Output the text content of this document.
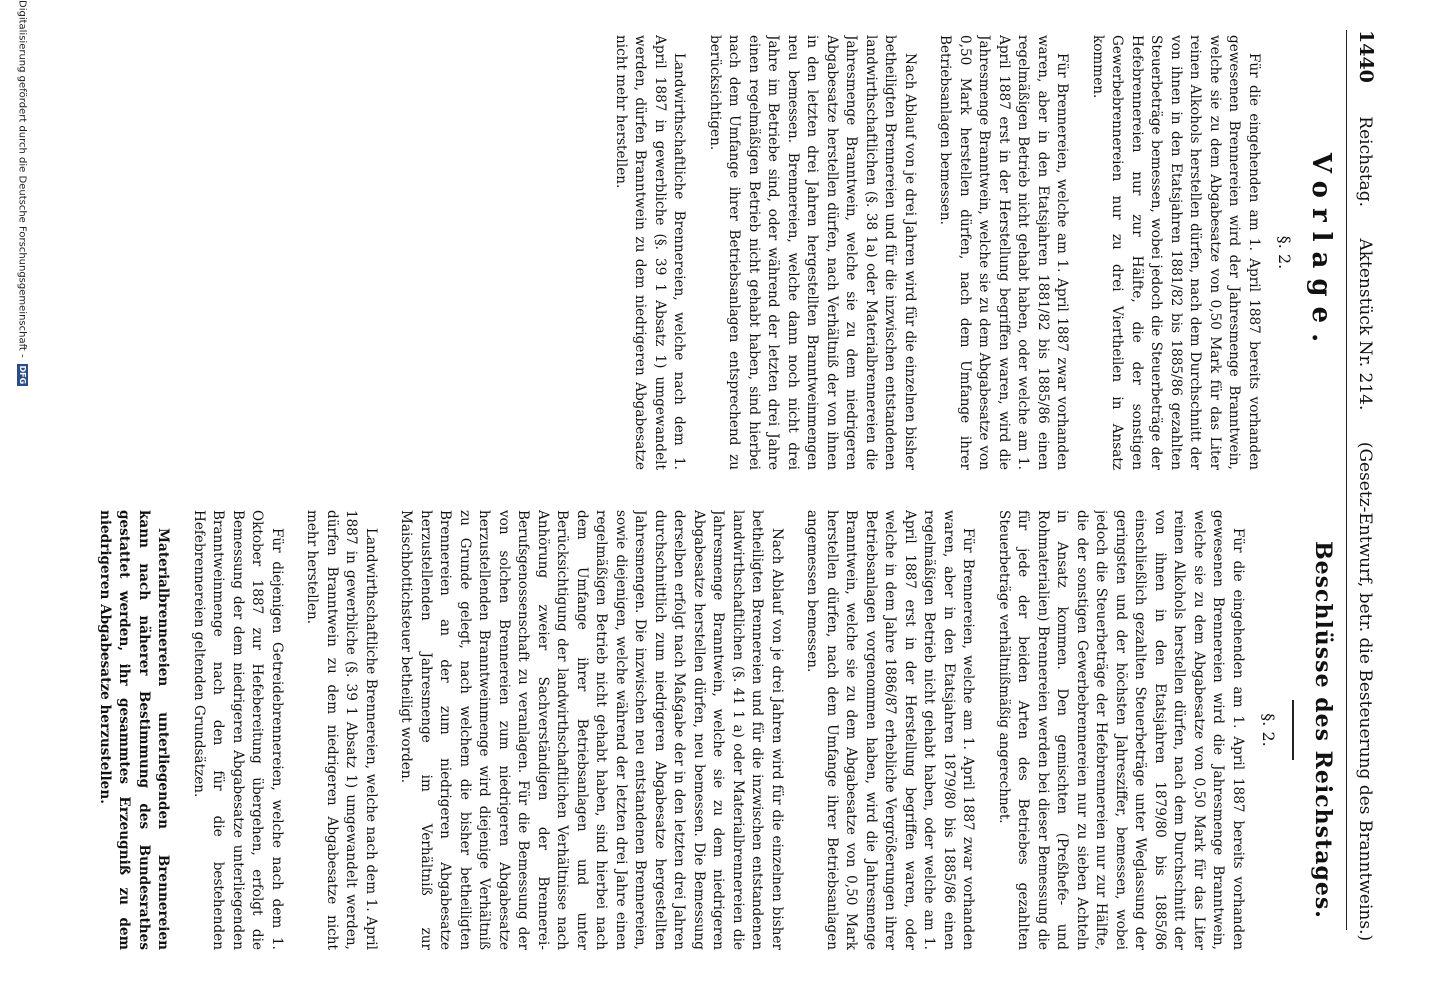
1440 Reichstag. Aktenstück Nr. 214. (Gesetz-Entwurf, betr. die Besteuerung des Branntweins.)
Vorlage.
§. 2.

Für die eingehenden am 1. April 1887 bereits vorhanden gewesenen Brennereien wird der Jahresmenge Branntwein, welche sie zu dem Abgabesatze von 0,50 Mark für das Liter reinen Alkohols herstellen dürfen, nach dem Durchschnitt der von ihnen in den Etatsjahren 1881/82 bis 1885/86 gezahlten Steuerbeträge bemessen, wobei jedoch die Steuerbeträge der Hefebrennereien nur zur Hälfte, die der sonstigen Gewerbebrennereien nur zu drei Viertheilen in Ansatz kommen.

Für Brennereien, welche am 1. April 1887 zwar vorhanden waren, aber in den Etatsjahren 1881/82 bis 1885/86 einen regelmäßigen Betrieb nicht gehabt haben, oder welche am 1. April 1887 erst in der Herstellung begriffen waren, wird die Jahresmenge Branntwein, welche sie zu dem Abgabesatze von 0,50 Mark herstellen dürfen, nach dem Umfange ihrer Betriebsanlagen bemessen.

Nach Ablauf von je drei Jahren wird für die einzelnen bisher betheiligten Brennereien und für die inzwischen entstandenen landwirthschaftlichen (§. 38 1a) oder Materialbrennereien die Jahresmenge Branntwein, welche sie zu dem niedrigeren Abgabesatze herstellen dürfen, nach Verhältniß der von ihnen in den letzten drei Jahren hergestellten Branntweinmengen neu bemessen. Brennereien, welche dann noch nicht drei Jahre im Betriebe sind, oder während der letzten drei Jahre einen regelmäßigen Betrieb nicht gehabt haben, sind hierbei nach dem Umfange ihrer Betriebsanlagen entsprechend zu berücksichtigen.

Landwirthschaftliche Brennereien, welche nach dem 1. April 1887 in gewerbliche (§. 39 1 Absatz 1) umgewandelt werden, dürfen Branntwein zu dem niedrigeren Abgabesatze nicht mehr herstellen.

Beschlüsse des Reichstages.
§. 2.

Für die eingehenden am 1. April 1887 bereits vorhanden gewesenen Brennereien wird die Jahresmenge Branntwein, welche sie zu dem Abgabesatze von 0,50 Mark für das Liter reinen Alkohols herstellen dürfen, nach dem Durchschnitt der von ihnen in den Etatsjahren 1879/80 bis 1885/86 einschließlich gezahlten Steuerbeträge unter Weglassung der geringsten und der höchsten Jahresziffer, bemessen, wobei jedoch die Steuerbeträge der Hefebrennereien nur zur Hälfte, die der sonstigen Gewerbebrennereien nur zu sieben Achteln in Ansatz kommen. Den gemischten (Preßhefe- und Rohmaterialien) Brennereien werden bei dieser Bemessung die für jede der beiden Arten des Betriebes gezahlten Steuerbeträge verhältnißmäßig angerechnet.

Für Brennereien, welche am 1. April 1887 zwar vorhanden waren, aber in den Etatsjahren 1879/80 bis 1885/86 einen regelmäßigen Betrieb nicht gehabt haben, oder welche am 1. April 1887 erst in der Herstellung begriffen waren, oder welche in dem Jahre 1886/87 erhebliche Vergrößerungen ihrer Betriebsanlagen vorgenommen haben, wird die Jahresmenge Branntwein, welche sie zu dem Abgabesatze von 0,50 Mark herstellen dürfen, nach dem Umfange ihrer Betriebsanlagen angemessen bemessen.

Nach Ablauf von je drei Jahren wird für die einzelnen bisher betheiligten Brennereien und für die inzwischen entstandenen landwirthschaftlichen (§. 41 1 a) oder Materialbrennereien die Jahresmenge Branntwein, welche sie zu dem niedrigeren Abgabesatze herstellen dürfen, neu bemessen. Die Bemessung derselben erfolgt nach Maßgabe der in den letzten drei Jahren durchschnittlich zum niedrigeren Abgabesatze hergestellten Jahresmengen. Die inzwischen neu entstandenen Brennereien, sowie diejenigen, welche während der letzten drei Jahre einen regelmäßigen Betrieb nicht gehabt haben, sind hierbei nach dem Umfange ihrer Betriebsanlagen und unter Berücksichtigung der landwirthschaftlichen Verhältnisse nach Anhörung zweier Sachverständigen der Brennerei-Berufsgenossenschaft zu veranlagen. Für die Bemessung der von solchen Brennereien zum niedrigeren Abgabesatze herzustellenden Branntweinmenge wird diejenige Verhältniß zu Grunde gelegt, nach welchem die bisher betheiligten Brennereien an der zum niedrigeren Abgabesatze herzustellenden Jahresmenge im Verhältniß zur Maischbottichsteuer betheiligt worden.

Landwirthschaftliche Brennereien, welche nach dem 1. April 1887 in gewerbliche (§. 39 1 Absatz 1) umgewandelt werden, dürfen Branntwein zu dem niedrigeren Abgabesatze nicht mehr herstellen.

Für diejenigen Getreidebrennereien, welche nach dem 1. Oktober 1887 zur Hefebereitung übergehen, erfolgt die Bemessung der dem niedrigeren Abgabesatze unterliegenden Branntweinmenge nach den für die bestehenden Hefebrennereien geltenden Grundsätzen.

Materialbrennereien unterliegenden Brennereien kann nach näherer Bestimmung des Bundesrathes gestattet werden, ihr gesammtes Erzeugniß zu dem niedrigeren Abgabesatze herzustellen.

Digitalisierung gefördert durch die Deutsche Forschungsgemeinschaft - DFG
